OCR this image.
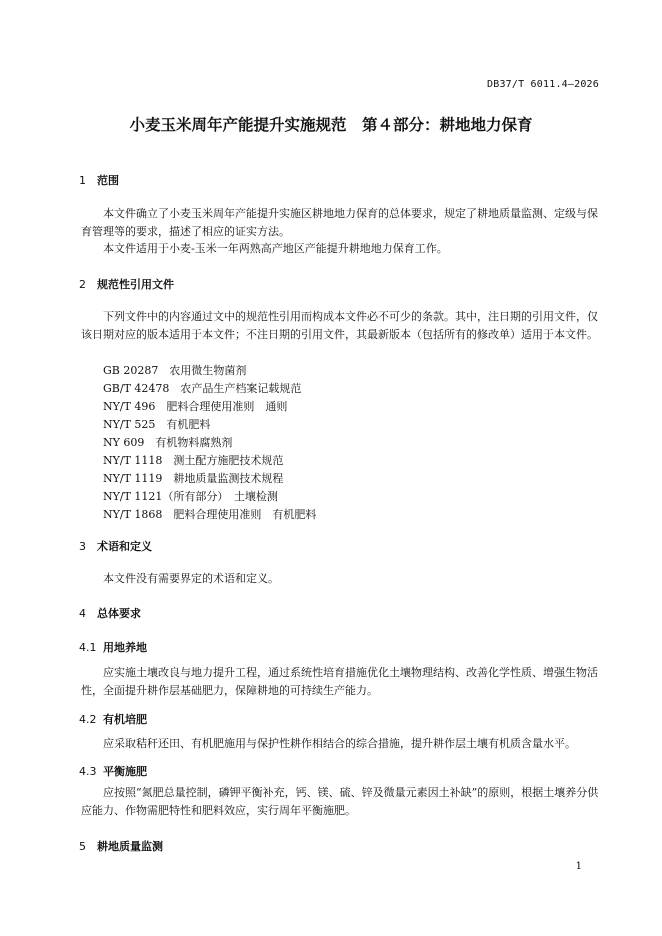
DB37/T 6011.4—2026
小麦玉米周年产能提升实施规范　第４部分：耕地地力保育
1 范围
本文件确立了小麦玉米周年产能提升实施区耕地地力保育的总体要求，规定了耕地质量监测、定级与保育管理等的要求，描述了相应的证实方法。
本文件适用于小麦-玉米一年两熟高产地区产能提升耕地地力保育工作。
2 规范性引用文件
下列文件中的内容通过文中的规范性引用而构成本文件必不可少的条款。其中，注日期的引用文件，仅该日期对应的版本适用于本文件；不注日期的引用文件，其最新版本（包括所有的修改单）适用于本文件。
GB 20287　农用微生物菌剂
GB/T 42478　农产品生产档案记载规范
NY/T 496　肥料合理使用准则　通则
NY/T 525　有机肥料
NY 609　有机物料腐熟剂
NY/T 1118　测土配方施肥技术规范
NY/T 1119　耕地质量监测技术规程
NY/T 1121（所有部分）　土壤检测
NY/T 1868　肥料合理使用准则　有机肥料
3 术语和定义
本文件没有需要界定的术语和定义。
4 总体要求
4.1 用地养地
应实施土壤改良与地力提升工程，通过系统性培育措施优化土壤物理结构、改善化学性质、增强生物活性，全面提升耕作层基础肥力，保障耕地的可持续生产能力。
4.2 有机培肥
应采取秸秆还田、有机肥施用与保护性耕作相结合的综合措施，提升耕作层土壤有机质含量水平。
4.3 平衡施肥
应按照“氮肥总量控制，磷钾平衡补充，钙、镁、硫、锌及微量元素因土补缺”的原则，根据土壤养分供应能力、作物需肥特性和肥料效应，实行周年平衡施肥。
5 耕地质量监测
1
